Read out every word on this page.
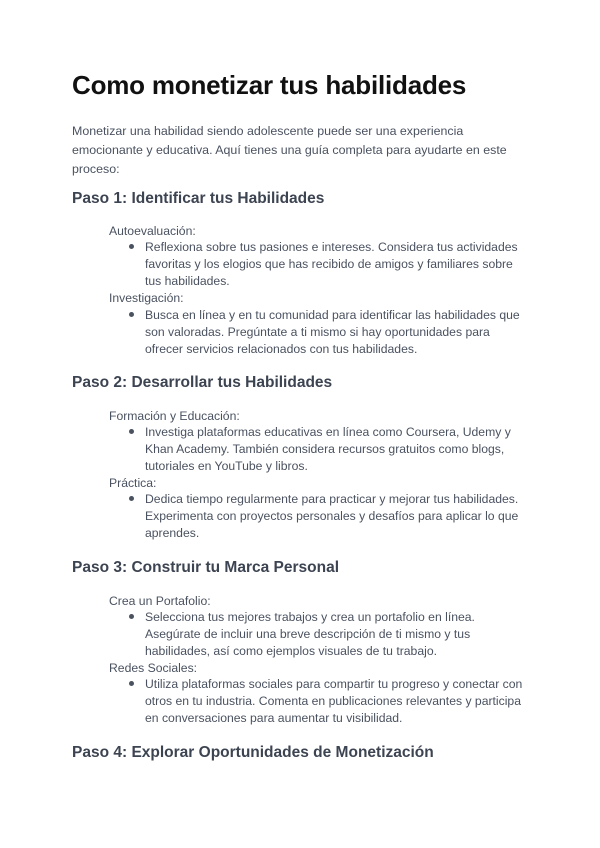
Como monetizar tus habilidades

Monetizar una habilidad siendo adolescente puede ser una experiencia emocionante y educativa. Aquí tienes una guía completa para ayudarte en este proceso:

Paso 1: Identificar tus Habilidades

Autoevaluación:

Reflexiona sobre tus pasiones e intereses. Considera tus actividades favoritas y los elogios que has recibido de amigos y familiares sobre tus habilidades.

Investigación:

Busca en línea y en tu comunidad para identificar las habilidades que son valoradas. Pregúntate a ti mismo si hay oportunidades para ofrecer servicios relacionados con tus habilidades.

Paso 2: Desarrollar tus Habilidades

Formación y Educación:

Investiga plataformas educativas en línea como Coursera, Udemy y Khan Academy. También considera recursos gratuitos como blogs, tutoriales en YouTube y libros.

Práctica:

Dedica tiempo regularmente para practicar y mejorar tus habilidades. Experimenta con proyectos personales y desafíos para aplicar lo que aprendes.

Paso 3: Construir tu Marca Personal

Crea un Portafolio:

Selecciona tus mejores trabajos y crea un portafolio en línea. Asegúrate de incluir una breve descripción de ti mismo y tus habilidades, así como ejemplos visuales de tu trabajo.

Redes Sociales:

Utiliza plataformas sociales para compartir tu progreso y conectar con otros en tu industria. Comenta en publicaciones relevantes y participa en conversaciones para aumentar tu visibilidad.

Paso 4: Explorar Oportunidades de Monetización
